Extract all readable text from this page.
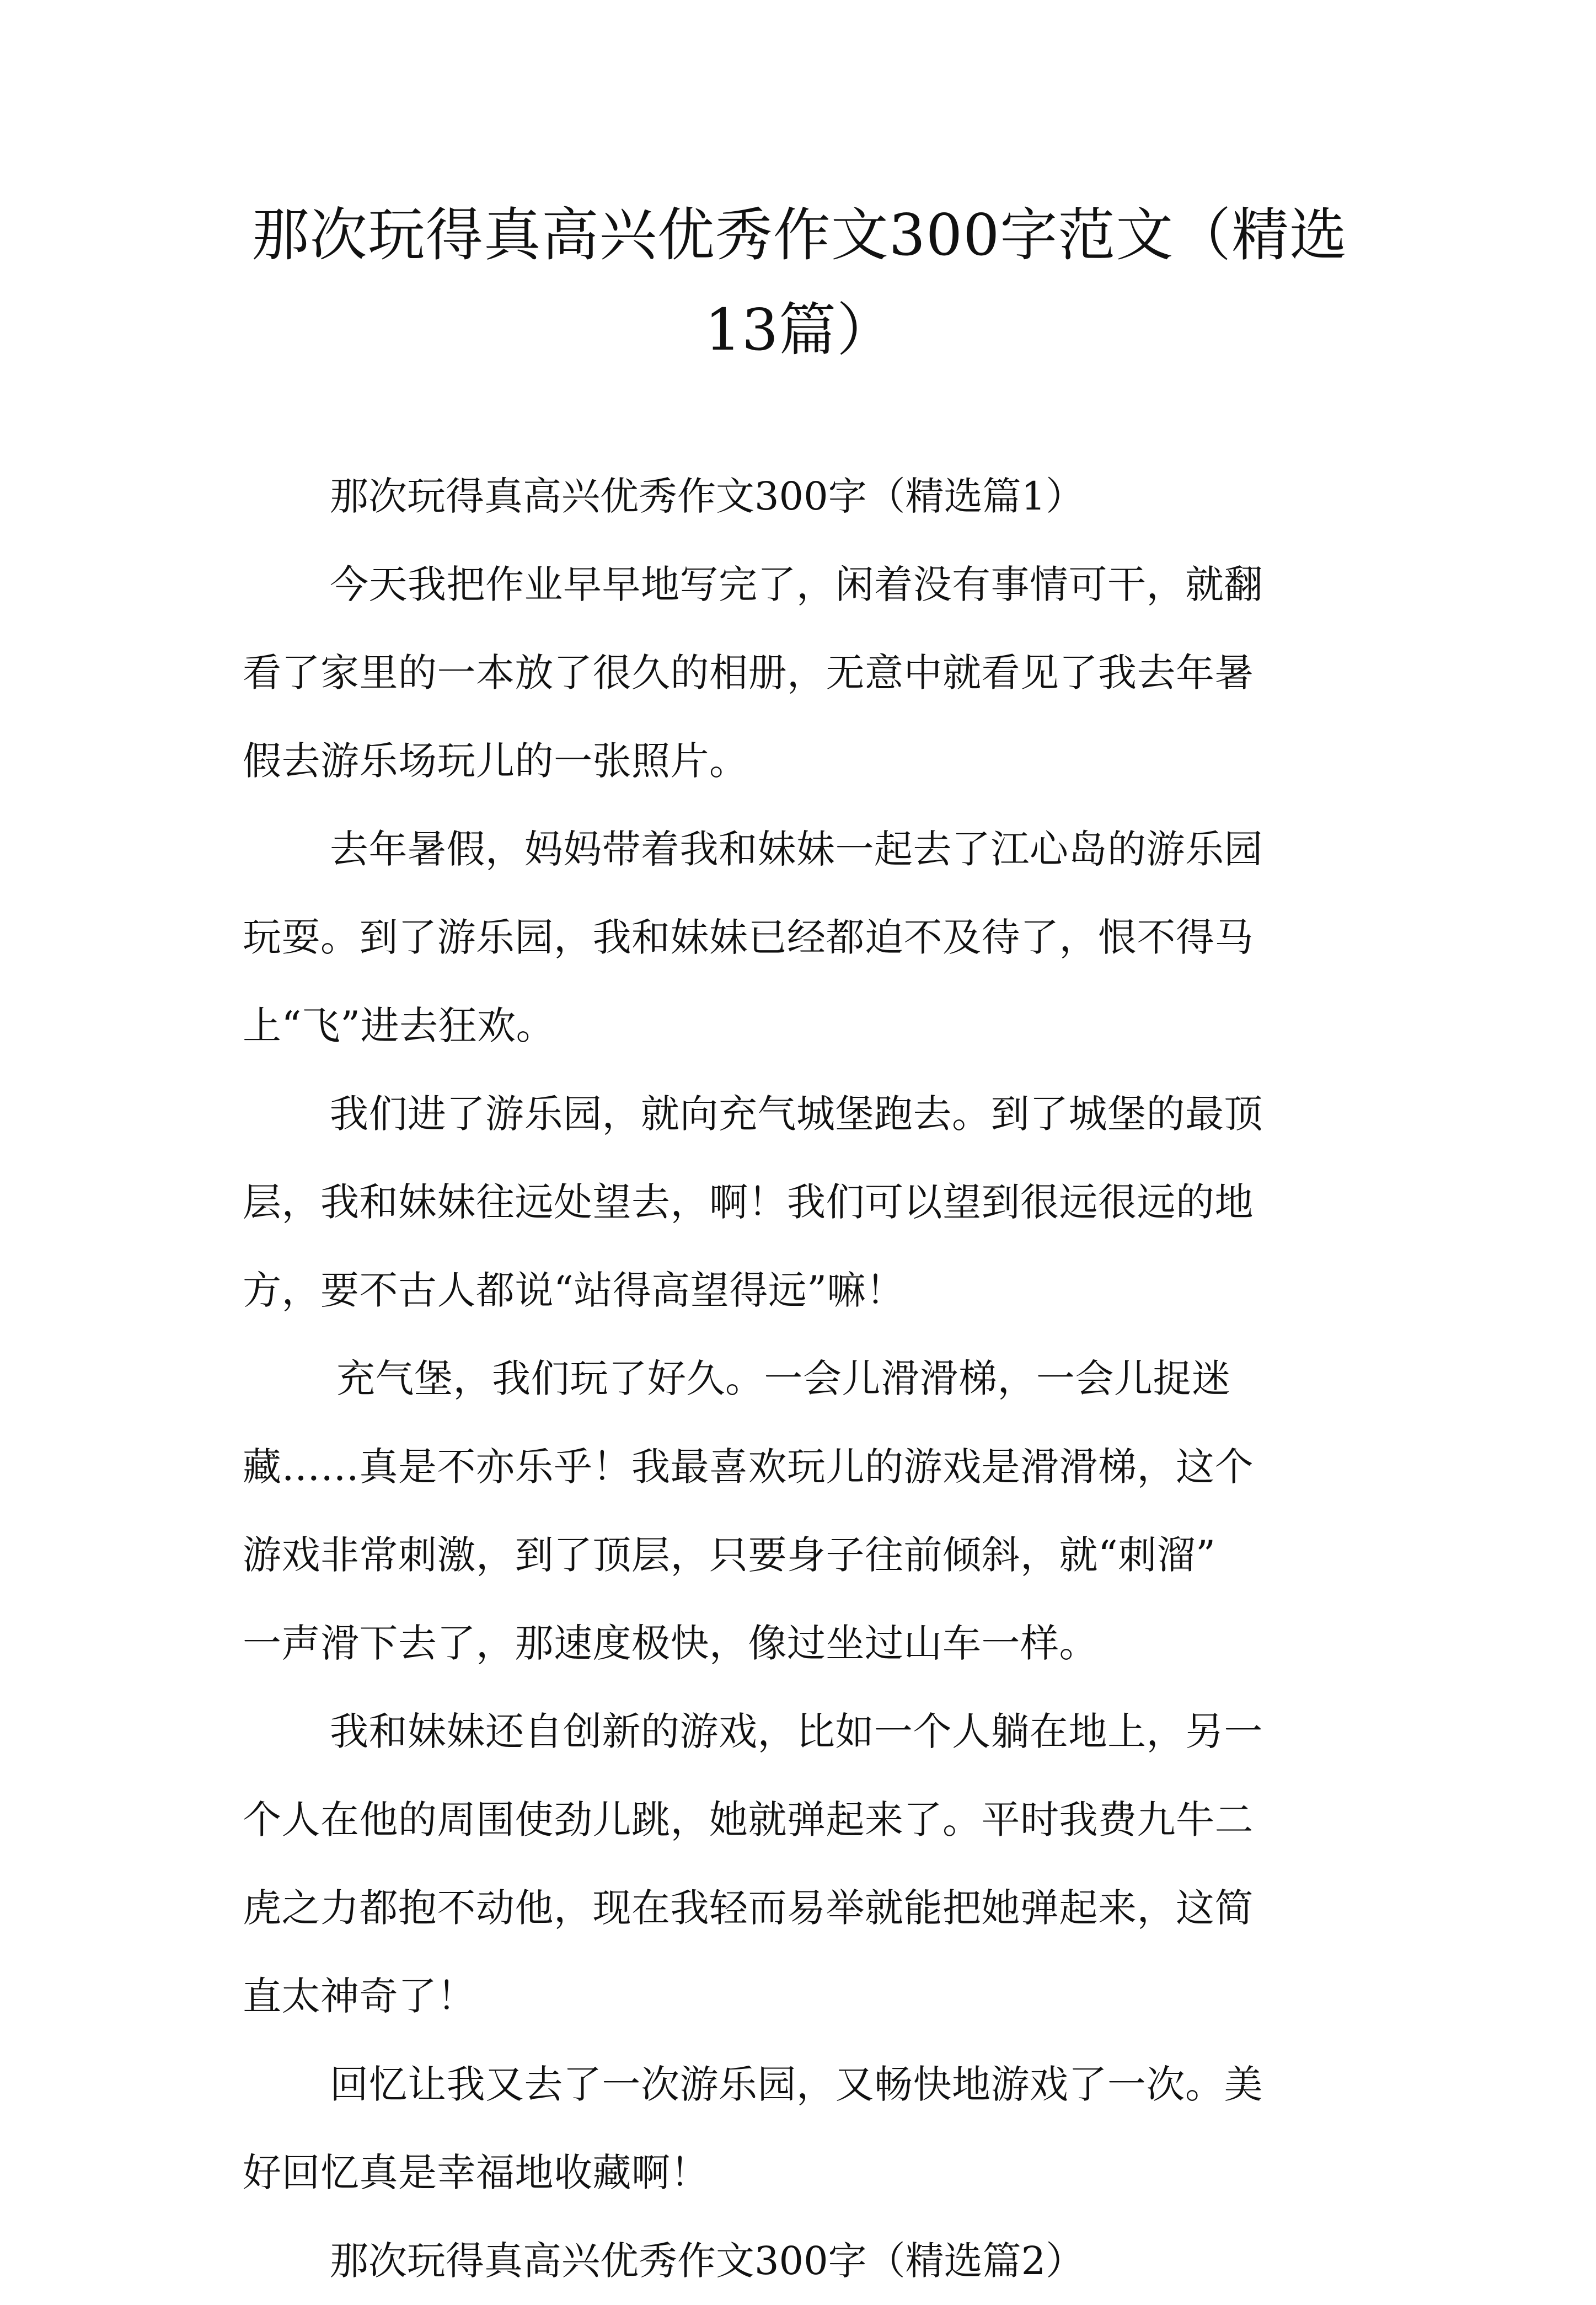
那次玩得真高兴优秀作文300字范文（精选
13篇）

那次玩得真高兴优秀作文300字（精选篇1）

今天我把作业早早地写完了，闲着没有事情可干，就翻
看了家里的一本放了很久的相册，无意中就看见了我去年暑
假去游乐场玩儿的一张照片。

去年暑假，妈妈带着我和妹妹一起去了江心岛的游乐园
玩耍。到了游乐园，我和妹妹已经都迫不及待了，恨不得马
上“飞”进去狂欢。

我们进了游乐园，就向充气城堡跑去。到了城堡的最顶
层，我和妹妹往远处望去，啊！我们可以望到很远很远的地
方，要不古人都说“站得高望得远”嘛！

充气堡，我们玩了好久。一会儿滑滑梯，一会儿捉迷
藏……真是不亦乐乎！我最喜欢玩儿的游戏是滑滑梯，这个
游戏非常刺激，到了顶层，只要身子往前倾斜，就“刺溜”
一声滑下去了，那速度极快，像过坐过山车一样。

我和妹妹还自创新的游戏，比如一个人躺在地上，另一
个人在他的周围使劲儿跳，她就弹起来了。平时我费九牛二
虎之力都抱不动他，现在我轻而易举就能把她弹起来，这简
直太神奇了！

回忆让我又去了一次游乐园，又畅快地游戏了一次。美
好回忆真是幸福地收藏啊！

那次玩得真高兴优秀作文300字（精选篇2）
